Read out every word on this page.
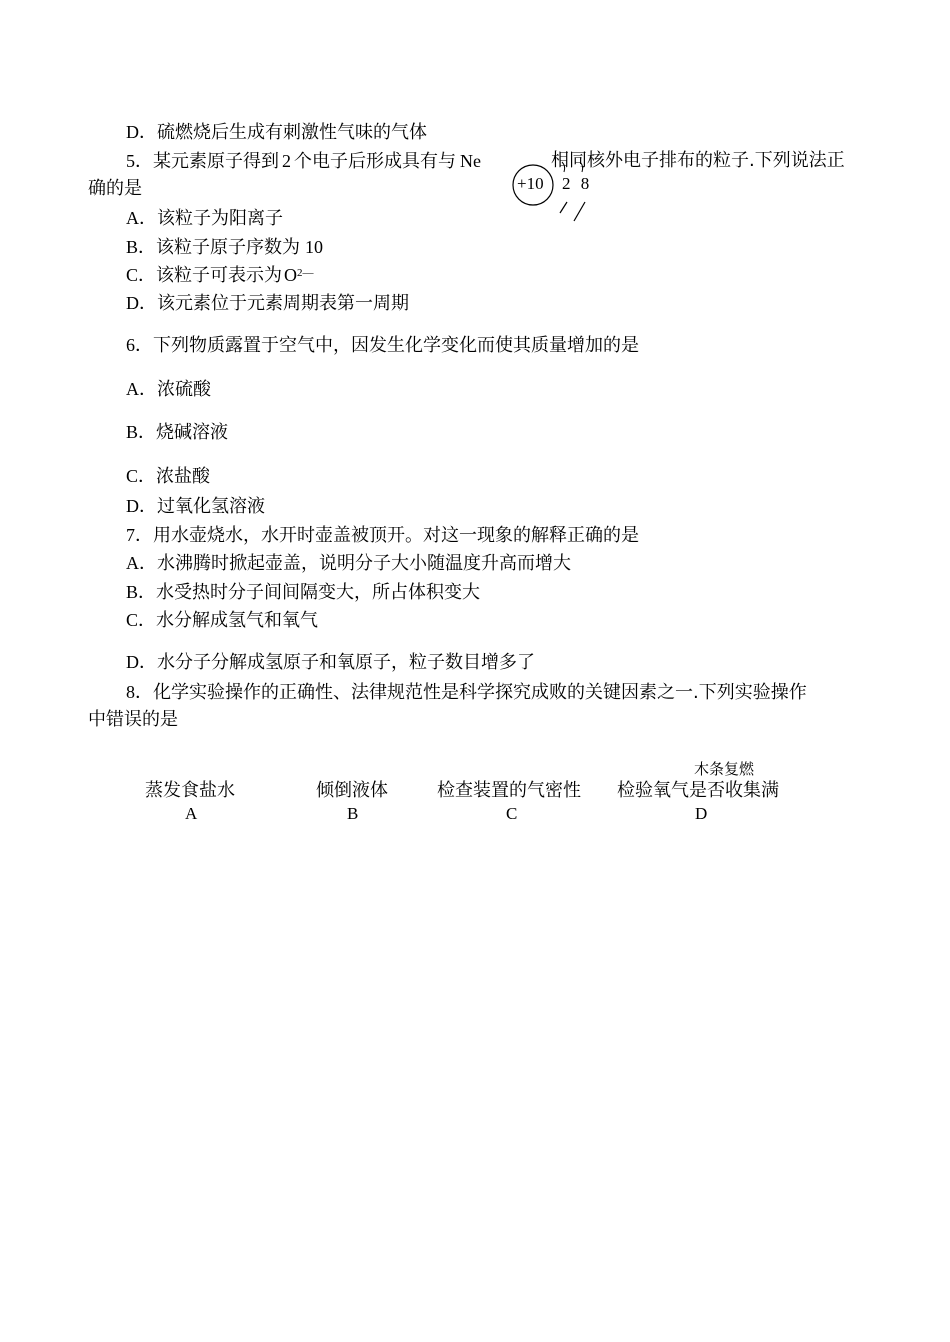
D．硫燃烧后生成有刺激性气味的气体
5．某元素原子得到 2 个电子后形成具有与 Ne	相同核外电子排布的粒子.下列说法正
确的是	+10 2 8
A．该粒子为阳离子
B．该粒子原子序数为 10
C．该粒子可表示为 $O^{2—}$
D．该元素位于元素周期表第一周期
6．下列物质露置于空气中，因发生化学变化而使其质量增加的是
A．浓硫酸
B．烧碱溶液
C．浓盐酸
D．过氧化氢溶液
7．用水壶烧水，水开时壶盖被顶开。对这一现象的解释正确的是
A．水沸腾时掀起壶盖，说明分子大小随温度升高而增大
B．水受热时分子间间隔变大，所占体积变大
C．水分解成氢气和氧气
D．水分子分解成氢原子和氧原子，粒子数目增多了
8．化学实验操作的正确性、法律规范性是科学探究成败的关键因素之一.下列实验操作
中错误的是
木条复燃
蒸发食盐水
A
倾倒液体
B
检查装置的气密性
C
检验氧气是否收集满
D
